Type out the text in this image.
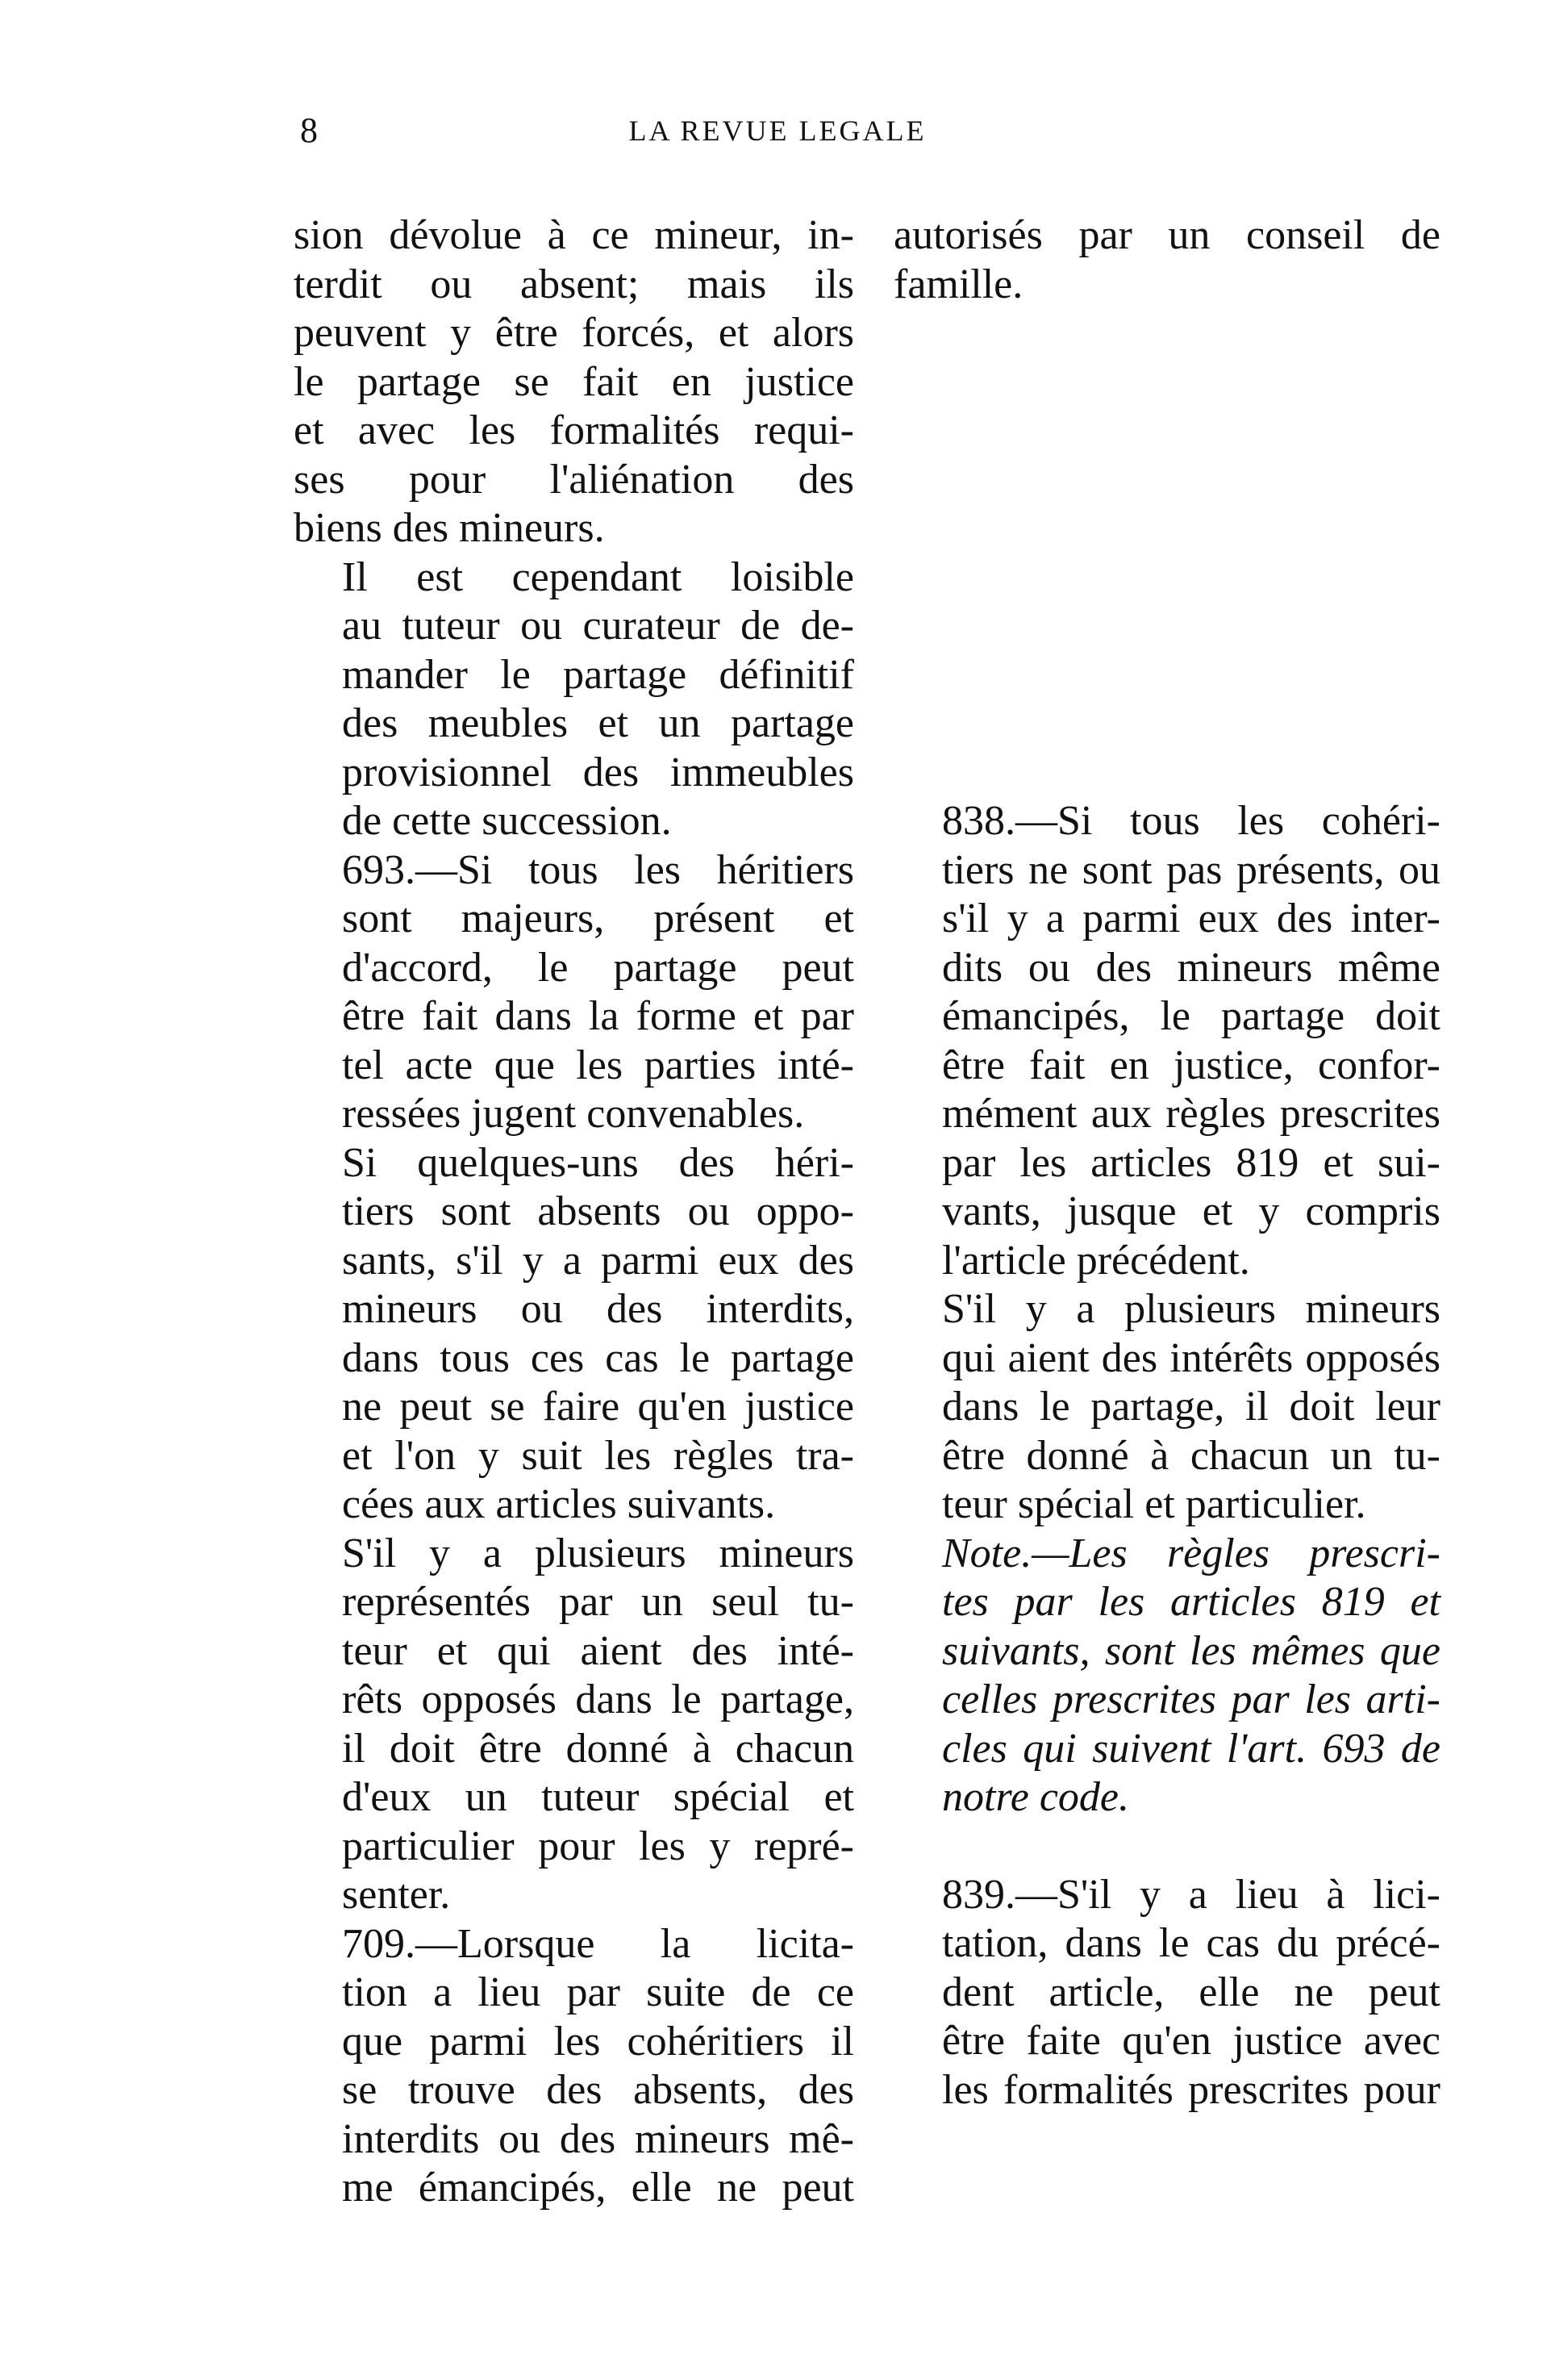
8	LA REVUE LEGALE

sion dévolue à ce mineur, in-
terdit ou absent; mais ils
peuvent y être forcés, et alors
le partage se fait en justice
et avec les formalités requi-
ses pour l'aliénation des
biens des mineurs.

Il est cependant loisible
au tuteur ou curateur de de-
mander le partage définitif
des meubles et un partage
provisionnel des immeubles
de cette succession.

693.—Si tous les héritiers
sont majeurs, présent et
d'accord, le partage peut
être fait dans la forme et par
tel acte que les parties inté-
ressées jugent convenables.

Si quelques-uns des héri-
tiers sont absents ou oppo-
sants, s'il y a parmi eux des
mineurs ou des interdits,
dans tous ces cas le partage
ne peut se faire qu'en justice
et l'on y suit les règles tra-
cées aux articles suivants.

S'il y a plusieurs mineurs
représentés par un seul tu-
teur et qui aient des inté-
rêts opposés dans le partage,
il doit être donné à chacun
d'eux un tuteur spécial et
particulier pour les y repré-
senter.

709.—Lorsque la licita-
tion a lieu par suite de ce
que parmi les cohéritiers il
se trouve des absents, des
interdits ou des mineurs mê-
me émancipés, elle ne peut

autorisés par un conseil de
famille.

838.—Si tous les cohéri-
tiers ne sont pas présents, ou
s'il y a parmi eux des inter-
dits ou des mineurs même
émancipés, le partage doit
être fait en justice, confor-
mément aux règles prescrites
par les articles 819 et sui-
vants, jusque et y compris
l'article précédent.

S'il y a plusieurs mineurs
qui aient des intérêts opposés
dans le partage, il doit leur
être donné à chacun un tu-
teur spécial et particulier.

Note.—Les règles prescri-
tes par les articles 819 et
suivants, sont les mêmes que
celles prescrites par les arti-
cles qui suivent l'art. 693 de
notre code.

839.—S'il y a lieu à lici-
tation, dans le cas du précé-
dent article, elle ne peut
être faite qu'en justice avec
les formalités prescrites pour
